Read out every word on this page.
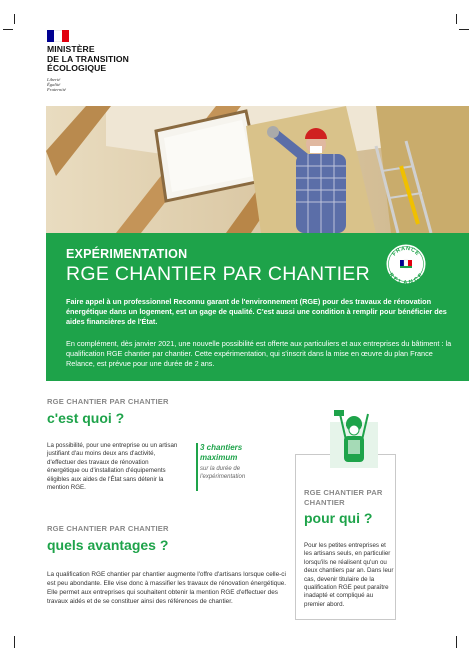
MINISTÈRE
DE LA TRANSITION
ÉCOLOGIQUE
Liberté
Égalité
Fraternité
EXPÉRIMENTATION
RGE CHANTIER PAR CHANTIER
Faire appel à un professionnel Reconnu garant de l'environnement (RGE) pour des travaux de rénovation énergétique dans un logement, est un gage de qualité. C'est aussi une condition à remplir pour bénéficier des aides financières de l'État.
En complément, dès janvier 2021, une nouvelle possibilité est offerte aux particuliers et aux entreprises du bâtiment : la qualification RGE chantier par chantier. Cette expérimentation, qui s'inscrit dans la mise en œuvre du plan France Relance, est prévue pour une durée de 2 ans.
FRANCE
RELANCE
RGE CHANTIER PAR CHANTIER
c'est quoi ?
La possibilité, pour une entreprise ou un artisan justifiant d'au moins deux ans d'activité, d'effectuer des travaux de rénovation énergétique ou d'installation d'équipements éligibles aux aides de l'État sans détenir la mention RGE.
3 chantiers maximum
sur la durée de l'expérimentation
RGE CHANTIER PAR CHANTIER
quels avantages ?
La qualification RGE chantier par chantier augmente l'offre d'artisans lorsque celle-ci est peu abondante. Elle vise donc à massifier les travaux de rénovation énergétique. Elle permet aux entreprises qui souhaitent obtenir la mention RGE d'effectuer des travaux aidés et de se constituer ainsi des références de chantier.
RGE CHANTIER PAR CHANTIER
pour qui ?
Pour les petites entreprises et les artisans seuls, en particulier lorsqu'ils ne réalisent qu'un ou deux chantiers par an. Dans leur cas, devenir titulaire de la qualification RGE peut paraître inadapté et compliqué au premier abord.
